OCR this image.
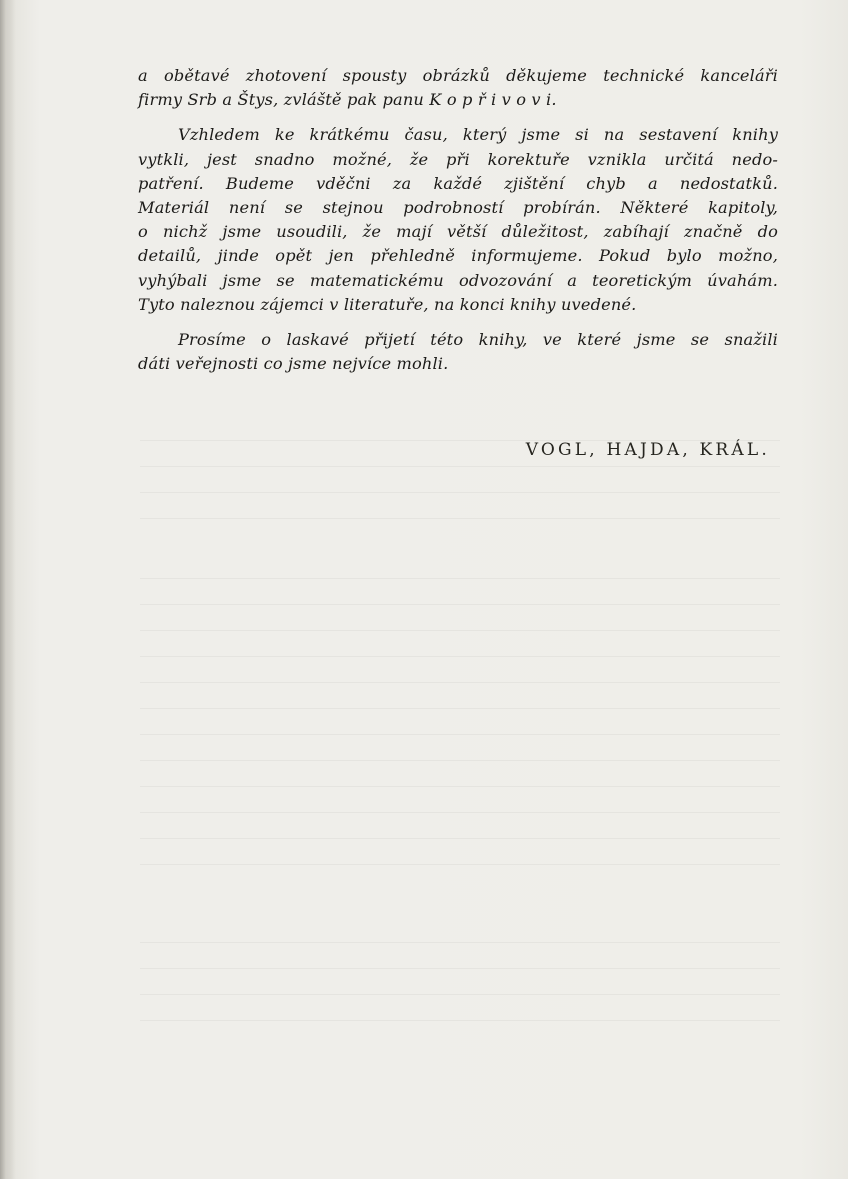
a obětavé zhotovení spousty obrázků děkujeme technické kanceláři
firmy Srb a Štys, zvláště pak panu K o p ř i v o v i.

Vzhledem ke krátkému času, který jsme si na sestavení knihy
vytkli, jest snadno možné, že při korektuře vznikla určitá nedo-
patření. Budeme vděčni za každé zjištění chyb a nedostatků.
Materiál není se stejnou podrobností probírán. Některé kapitoly,
o nichž jsme usoudili, že mají větší důležitost, zabíhají značně do
detailů, jinde opět jen přehledně informujeme. Pokud bylo možno,
vyhýbali jsme se matematickému odvozování a teoretickým úvahám.
Tyto naleznou zájemci v literatuře, na konci knihy uvedené.

Prosíme o laskavé přijetí této knihy, ve které jsme se snažili
dáti veřejnosti co jsme nejvíce mohli.

VOGL, HAJDA, KRÁL.
